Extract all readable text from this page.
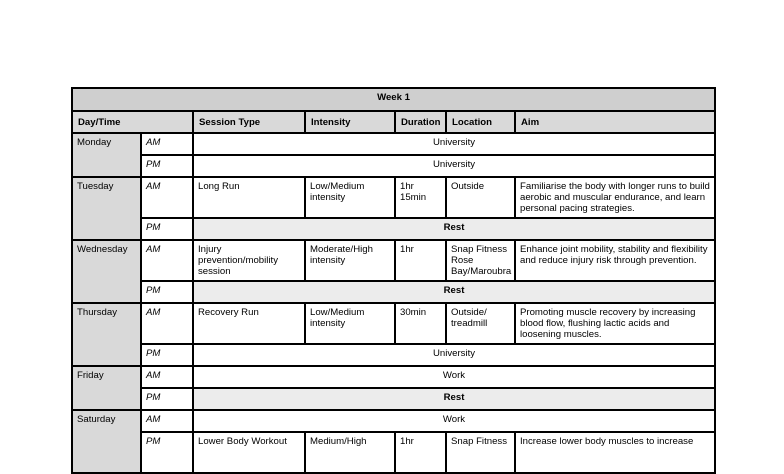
Week 1						
Day/Time		Session Type	Intensity	Duration	Location	Aim
Monday	AM	University				
	PM	University				
Tuesday	AM	Long Run	Low/Medium intensity	1hr 15min	Outside	Familiarise the body with longer runs to build aerobic and muscular endurance, and learn personal pacing strategies.
	PM	Rest				
Wednesday	AM	Injury prevention/mobility session	Moderate/High intensity	1hr	Snap Fitness Rose Bay/Maroubra	Enhance joint mobility, stability and flexibility and reduce injury risk through prevention.
	PM	Rest				
Thursday	AM	Recovery Run	Low/Medium intensity	30min	Outside/ treadmill	Promoting muscle recovery by increasing blood flow, flushing lactic acids and loosening muscles.
	PM	University				
Friday	AM	Work				
	PM	Rest				
Saturday	AM	Work				
	PM	Lower Body Workout	Medium/High	1hr	Snap Fitness	Increase lower body muscles to increase
